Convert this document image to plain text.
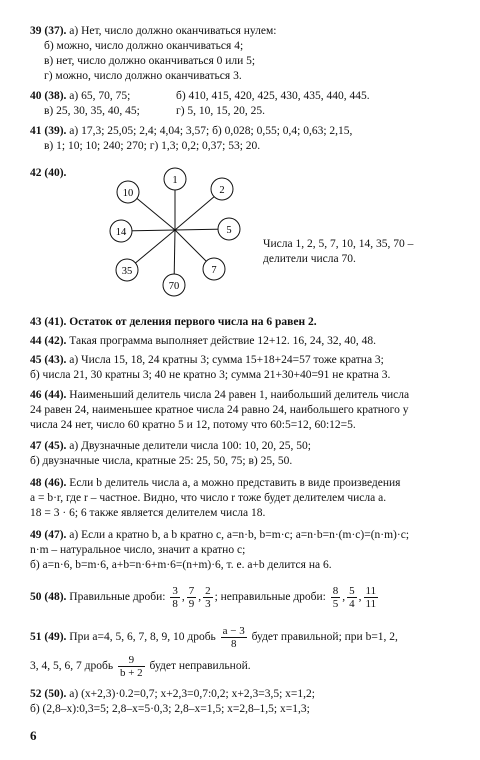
39 (37). а) Нет, число должно оканчиваться нулем:
б) можно, число должно оканчиваться 4;
в) нет, число должно оканчиваться 0 или 5;
г) можно, число должно оканчиваться 3.
40 (38). а) 65, 70, 75;	б) 410, 415, 420, 425, 430, 435, 440, 445.
в) 25, 30, 35, 40, 45;	г) 5, 10, 15, 20, 25.
41 (39). а) 17,3; 25,05; 2,4; 4,04; 3,57; б) 0,028; 0,55; 0,4; 0,63; 2,15,
в) 1; 10; 10; 240; 270; г) 1,3; 0,2; 0,37; 53; 20.
42 (40).
1
2
5
7
70
35
14
10
Числа 1, 2, 5, 7, 10, 14, 35, 70 –
делители числа 70.
43 (41). Остаток от деления первого числа на 6 равен 2.
44 (42). Такая программа выполняет действие 12+12. 16, 24, 32, 40, 48.
45 (43). а) Числа 15, 18, 24 кратны 3; сумма 15+18+24=57 тоже кратна 3;
б) числа 21, 30 кратны 3; 40 не кратно 3; сумма 21+30+40=91 не кратна 3.
46 (44). Наименьший делитель числа 24 равен 1, наибольший делитель числа
24 равен 24, наименьшее кратное числа 24 равно 24, наибольшего кратного у
числа 24 нет, число 60 кратно 5 и 12, потому что 60:5=12, 60:12=5.
47 (45). а) Двузначные делители числа 100: 10, 20, 25, 50;
б) двузначные числа, кратные 25: 25, 50, 75; в) 25, 50.
48 (46). Если b делитель числа a, a можно представить в виде произведения
a = b·r, где r – частное. Видно, что число r тоже будет делителем числа a.
18 = 3 · 6; 6 также является делителем числа 18.
49 (47). а) Если a кратно b, a b кратно c, a=n·b, b=m·c; a=n·b=n·(m·c)=(n·m)·c;
n·m – натуральное число, значит a кратно c;
б) a=n·6, b=m·6, a+b=n·6+m·6=(n+m)·6, т. е. a+b делится на 6.
50 (48). Правильные дроби: $\frac{3}{8}$ , $\frac{7}{9}$ , $\frac{2}{3}$ ; неправильные дроби: $\frac{8}{5}$ , $\frac{5}{4}$ , $\frac{11}{11}$
51 (49). При a=4, 5, 6, 7, 8, 9, 10 дробь $\frac{a - 3}{8}$ будет правильной; при b=1, 2,
3, 4, 5, 6, 7 дробь $\frac{9}{b + 2}$ будет неправильной.
52 (50). а) (x+2,3)·0.2=0,7; x+2,3=0,7:0,2; x+2,3=3,5; x=1,2;
б) (2,8–x):0,3=5; 2,8–x=5·0,3; 2,8–x=1,5; x=2,8–1,5; x=1,3;
6
